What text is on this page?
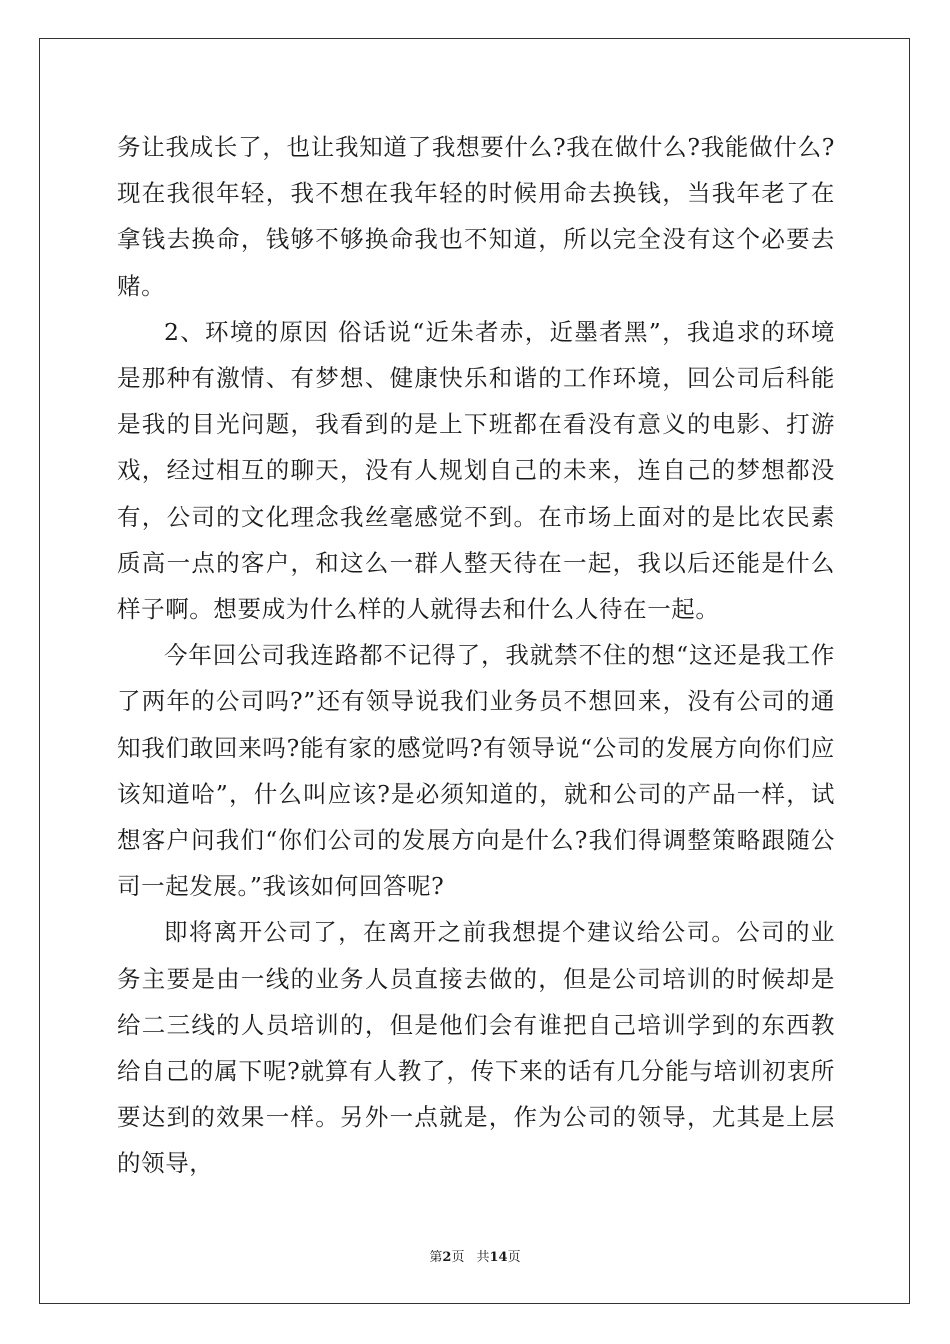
务让我成长了，也让我知道了我想要什么?我在做什么?我能做什么?现在我很年轻，我不想在我年轻的时候用命去换钱，当我年老了在拿钱去换命，钱够不够换命我也不知道，所以完全没有这个必要去赌。

2、环境的原因 俗话说“近朱者赤，近墨者黑”，我追求的环境是那种有激情、有梦想、健康快乐和谐的工作环境，回公司后科能是我的目光问题，我看到的是上下班都在看没有意义的电影、打游戏，经过相互的聊天，没有人规划自己的未来，连自己的梦想都没有，公司的文化理念我丝毫感觉不到。在市场上面对的是比农民素质高一点的客户，和这么一群人整天待在一起，我以后还能是什么样子啊。想要成为什么样的人就得去和什么人待在一起。

今年回公司我连路都不记得了，我就禁不住的想“这还是我工作了两年的公司吗?”还有领导说我们业务员不想回来，没有公司的通知我们敢回来吗?能有家的感觉吗?有领导说“公司的发展方向你们应该知道哈”，什么叫应该?是必须知道的，就和公司的产品一样，试想客户问我们“你们公司的发展方向是什么?我们得调整策略跟随公司一起发展。”我该如何回答呢?

即将离开公司了，在离开之前我想提个建议给公司。公司的业务主要是由一线的业务人员直接去做的，但是公司培训的时候却是给二三线的人员培训的，但是他们会有谁把自己培训学到的东西教给自己的属下呢?就算有人教了，传下来的话有几分能与培训初衷所要达到的效果一样。另外一点就是，作为公司的领导，尤其是上层的领导，

第2页 共14页
